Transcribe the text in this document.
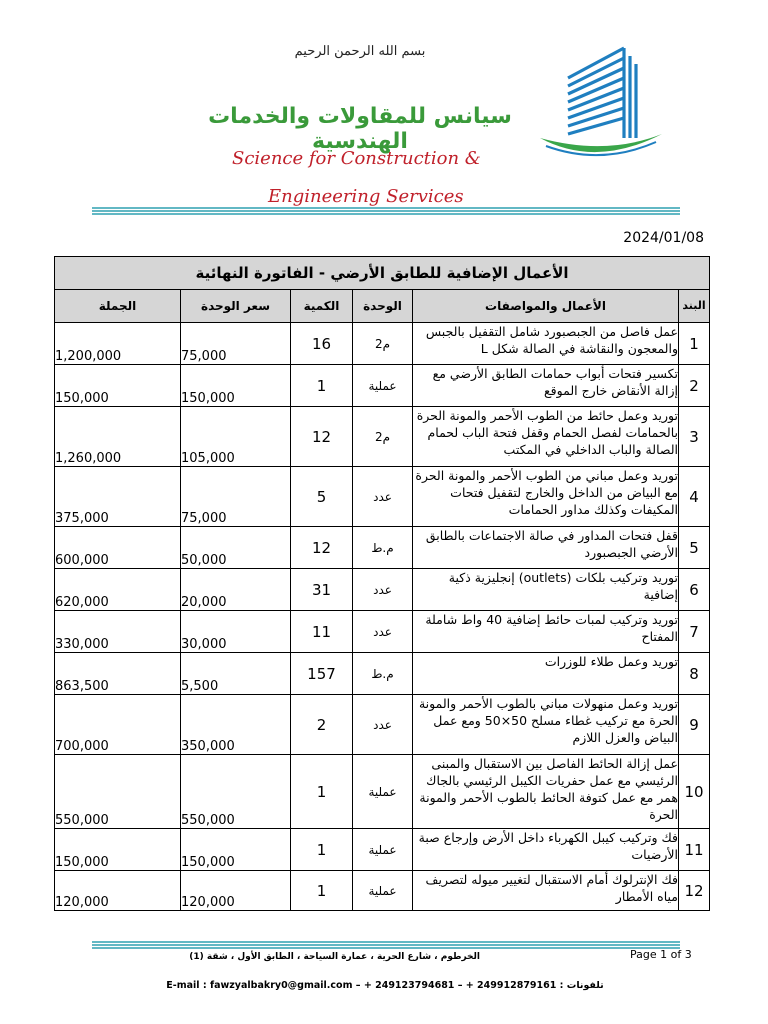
بسم الله الرحمن الرحيم
سيانس للمقاولات والخدمات الهندسية
Science for Construction &
Engineering Services
2024/01/08
الأعمال الإضافية للطابق الأرضي - الفاتورة النهائية					
الجملة	سعر الوحدة	الكمية	الوحدة	الأعمال والمواصفات	البند
1,200,000	75,000	16	م2	عمل فاصل من الجبصبورد شامل التقفيل بالجبس والمعجون والنقاشة في الصالة شكل L	1
150,000	150,000	1	عملية	تكسير فتحات أبواب حمامات الطابق الأرضي مع إزالة الأنقاض خارج الموقع	2
1,260,000	105,000	12	م2	توريد وعمل حائط من الطوب الأحمر والمونة الحرة بالحمامات لفصل الحمام وقفل فتحة الباب لحمام الصالة والباب الداخلي في المكتب	3
375,000	75,000	5	عدد	توريد وعمل مباني من الطوب الأحمر والمونة الحرة مع البياض من الداخل والخارج لتقفيل فتحات المكيفات وكذلك مداور الحمامات	4
600,000	50,000	12	م.ط	قفل فتحات المداور في صالة الاجتماعات بالطابق الأرضي الجبصبورد	5
620,000	20,000	31	عدد	توريد وتركيب بلكات (outlets) إنجليزية ذكية إضافية	6
330,000	30,000	11	عدد	توريد وتركيب لمبات حائط إضافية 40 واط شاملة المفتاح	7
863,500	5,500	157	م.ط	توريد وعمل طلاء للوزرات	8
700,000	350,000	2	عدد	توريد وعمل منهولات مباني بالطوب الأحمر والمونة الحرة مع تركيب غطاء مسلح 50×50 ومع عمل البياض والعزل اللازم	9
550,000	550,000	1	عملية	عمل إزالة الحائط الفاصل بين الاستقبال والمبنى الرئيسي مع عمل حفريات الكيبل الرئيسي بالجاك همر مع عمل كتوفة الحائط بالطوب الأحمر والمونة الحرة	10
150,000	150,000	1	عملية	فك وتركيب كيبل الكهرباء داخل الأرض وإرجاع صبة الأرضيات	11
120,000	120,000	1	عملية	فك الإنترلوك أمام الاستقبال لتغيير ميوله لتصريف مياه الأمطار	12
الخرطوم ، شارع الحرية ، عمارة السياحة ، الطابق الأول ، شقة (1)	Page 1 of 3
E-mail : fawzyalbakry0@gmail.com – + 249123794681 – + 249912879161 : تلفونات
